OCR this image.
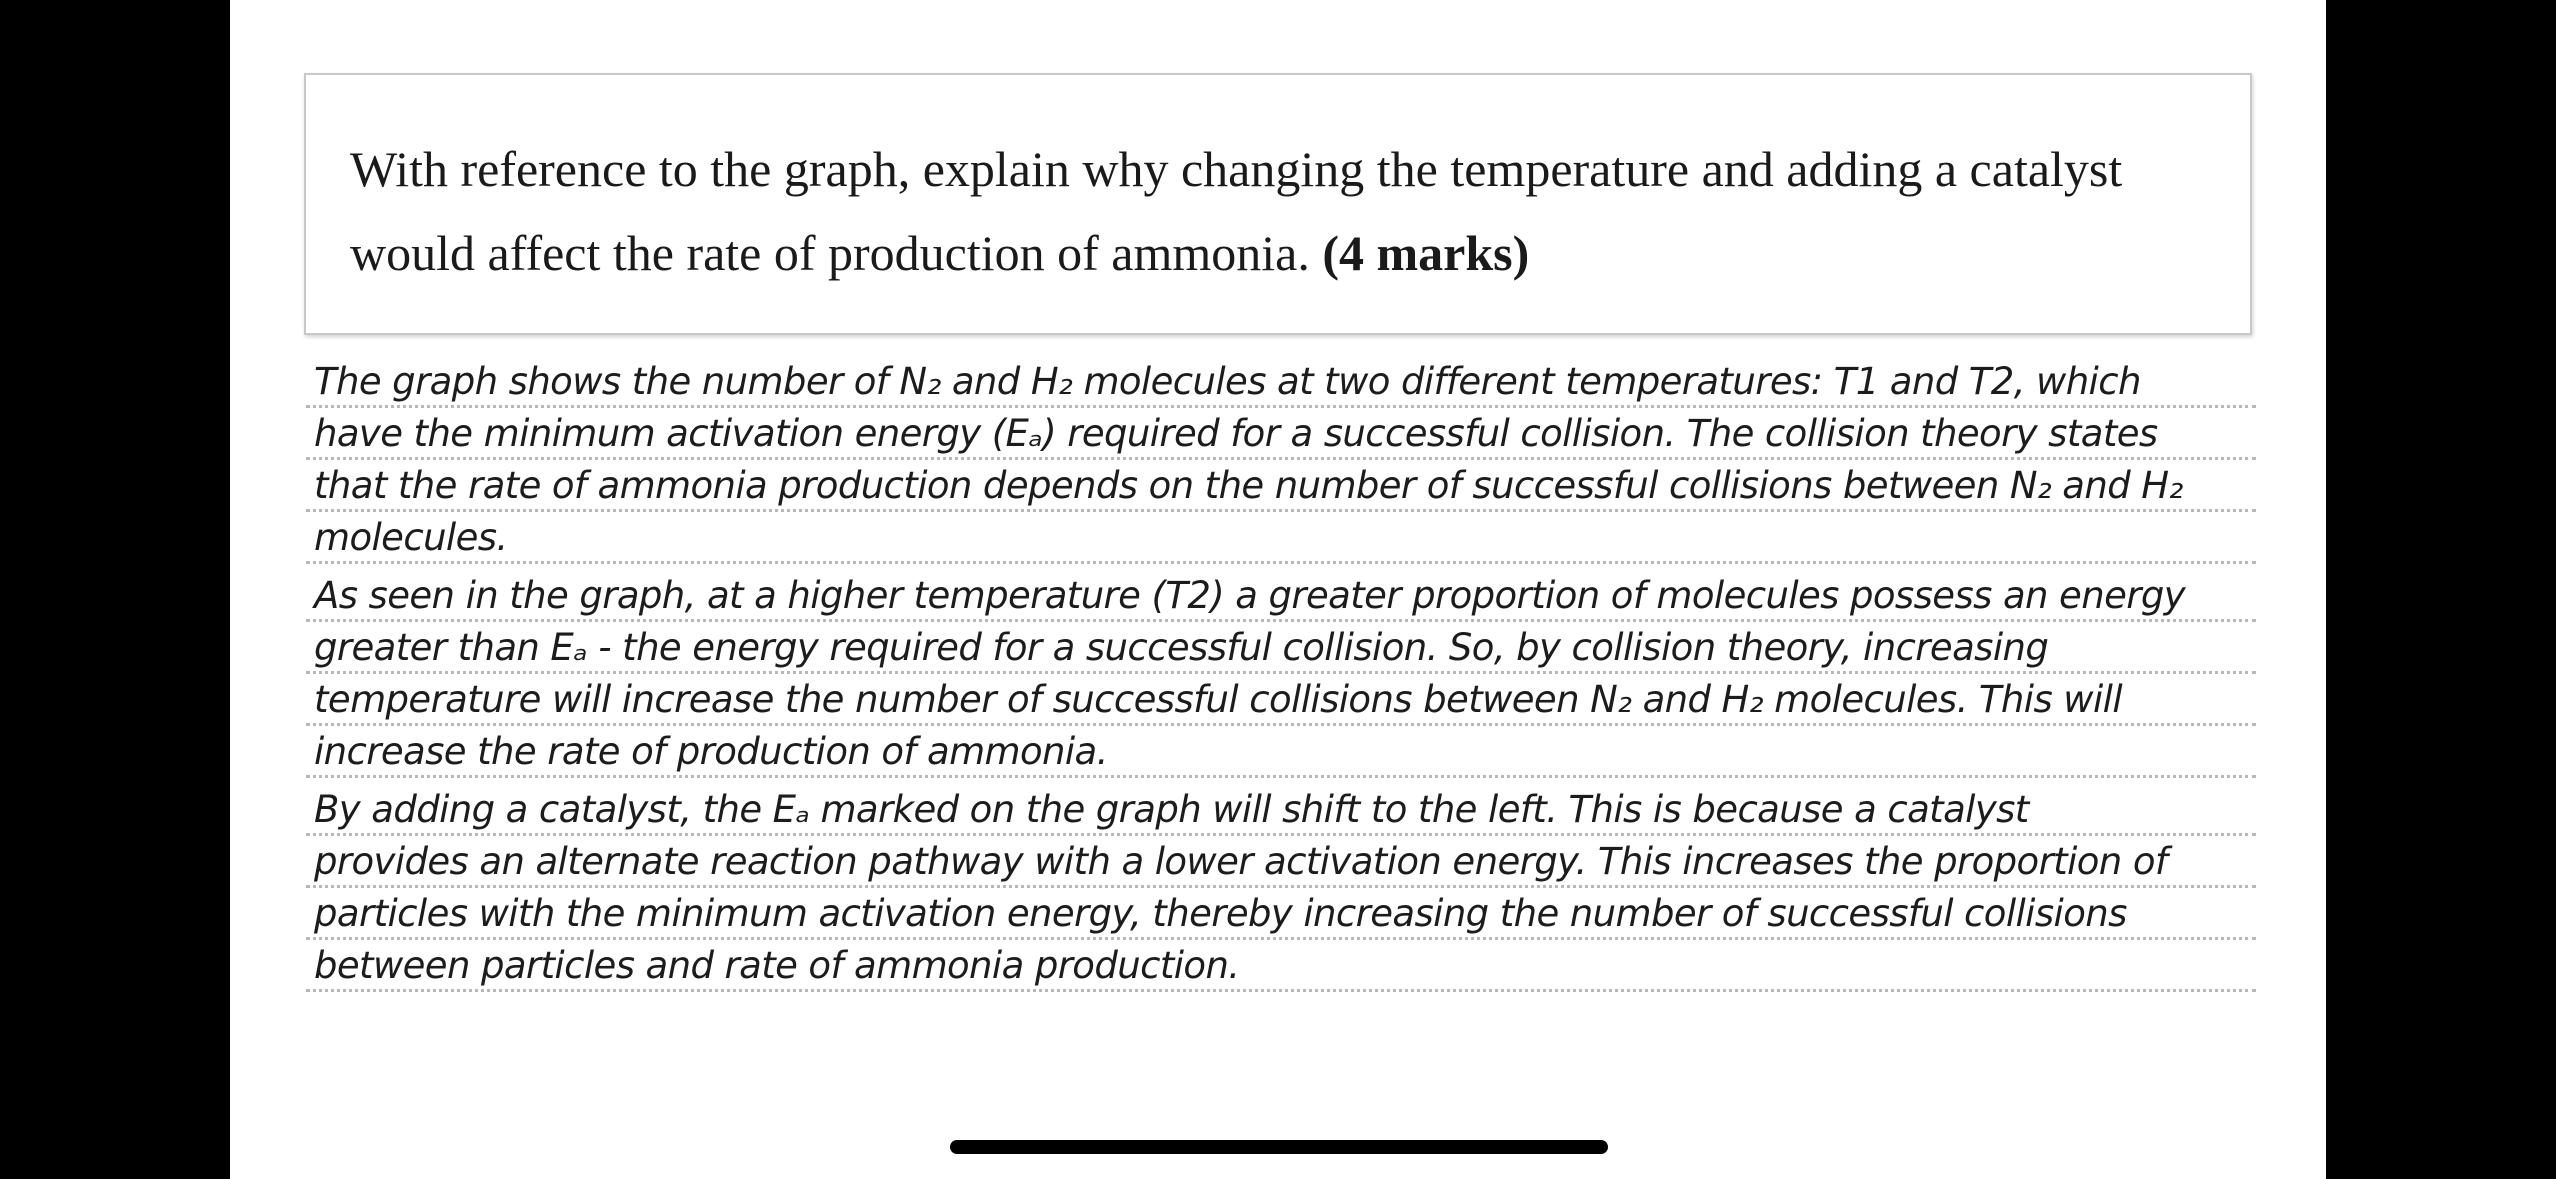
With reference to the graph, explain why changing the temperature and adding a catalyst would affect the rate of production of ammonia. (4 marks)

The graph shows the number of N₂ and H₂ molecules at two different temperatures: T1 and T2, which
have the minimum activation energy (Eₐ) required for a successful collision. The collision theory states
that the rate of ammonia production depends on the number of successful collisions between N₂ and H₂
molecules.
As seen in the graph, at a higher temperature (T2) a greater proportion of molecules possess an energy
greater than Eₐ - the energy required for a successful collision. So, by collision theory, increasing
temperature will increase the number of successful collisions between N₂ and H₂ molecules. This will
increase the rate of production of ammonia.
By adding a catalyst, the Eₐ marked on the graph will shift to the left. This is because a catalyst
provides an alternate reaction pathway with a lower activation energy. This increases the proportion of
particles with the minimum activation energy, thereby increasing the number of successful collisions
between particles and rate of ammonia production.
